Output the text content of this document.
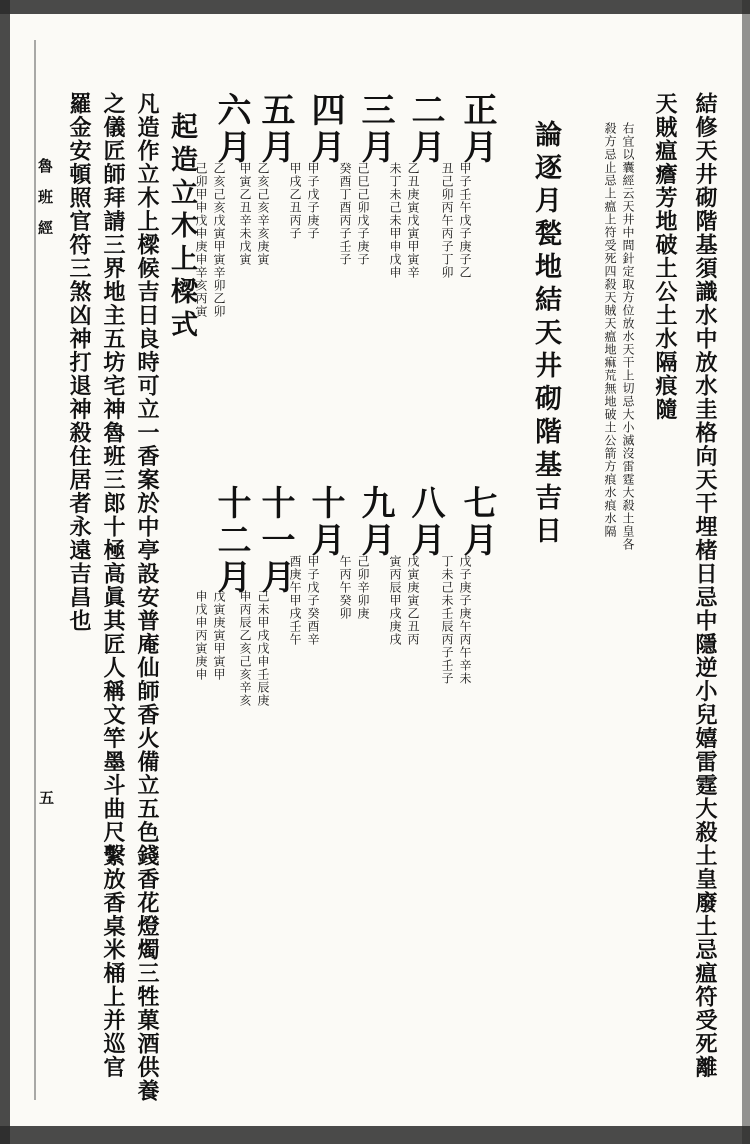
結修天井砌階基須識水中放水圭格向天干埋楮日忌中隱逆小兒嬉雷霆大殺土皇廢土忌瘟符受死離
天賊瘟癚芳地破土公土水隔痕隨
右宜以囊經云天井中間針定取方位放水天干上切忌大小滅沒雷霆大殺土皇各
殺方忌止忌上瘟上符受死四殺天賊天瘟地痲荒無地破土公箭方痕水痕水隔
論逐月甃地結天井砌階基吉日
正月
甲子壬午戊子庚子乙
丑己卯丙午丙子丁卯
二月
乙丑庚寅戊寅甲寅辛
未丁未己未甲申戊申
三月
己巳己卯戊子庚子
癸酉丁酉丙子壬子
四月
甲子戊子庚子
甲戌乙丑丙子
五月
乙亥己亥辛亥庚寅
甲寅乙丑辛未戊寅
六月
乙亥己亥戊寅甲寅辛卯乙卯
己卯甲申戊申庚申辛亥丙寅
七月
戊子庚子庚午丙午辛未
丁未己未壬辰丙子壬子
八月
戊寅庚寅乙丑丙
寅丙辰甲戌庚戌
九月
己卯辛卯庚
午丙午癸卯
十月
甲子戊子癸酉辛
酉庚午甲戌壬午
十一月
己未甲戌戊申壬辰庚
申丙辰乙亥己亥辛亥
十二月
戊寅庚寅甲寅甲
申戊申丙寅庚申
起造立木上樑式
凡造作立木上樑候吉日良時可立一香案於中亭設安普庵仙師香火備立五色錢香花燈燭三牲菓酒供養
之儀匠師拜請三界地主五坊宅神魯班三郎十極高眞其匠人稱文竿墨斗曲尺繫放香桌米桶上并巡官
羅金安頓照官符三煞凶神打退神殺住居者永遠吉昌也
魯班經
五
